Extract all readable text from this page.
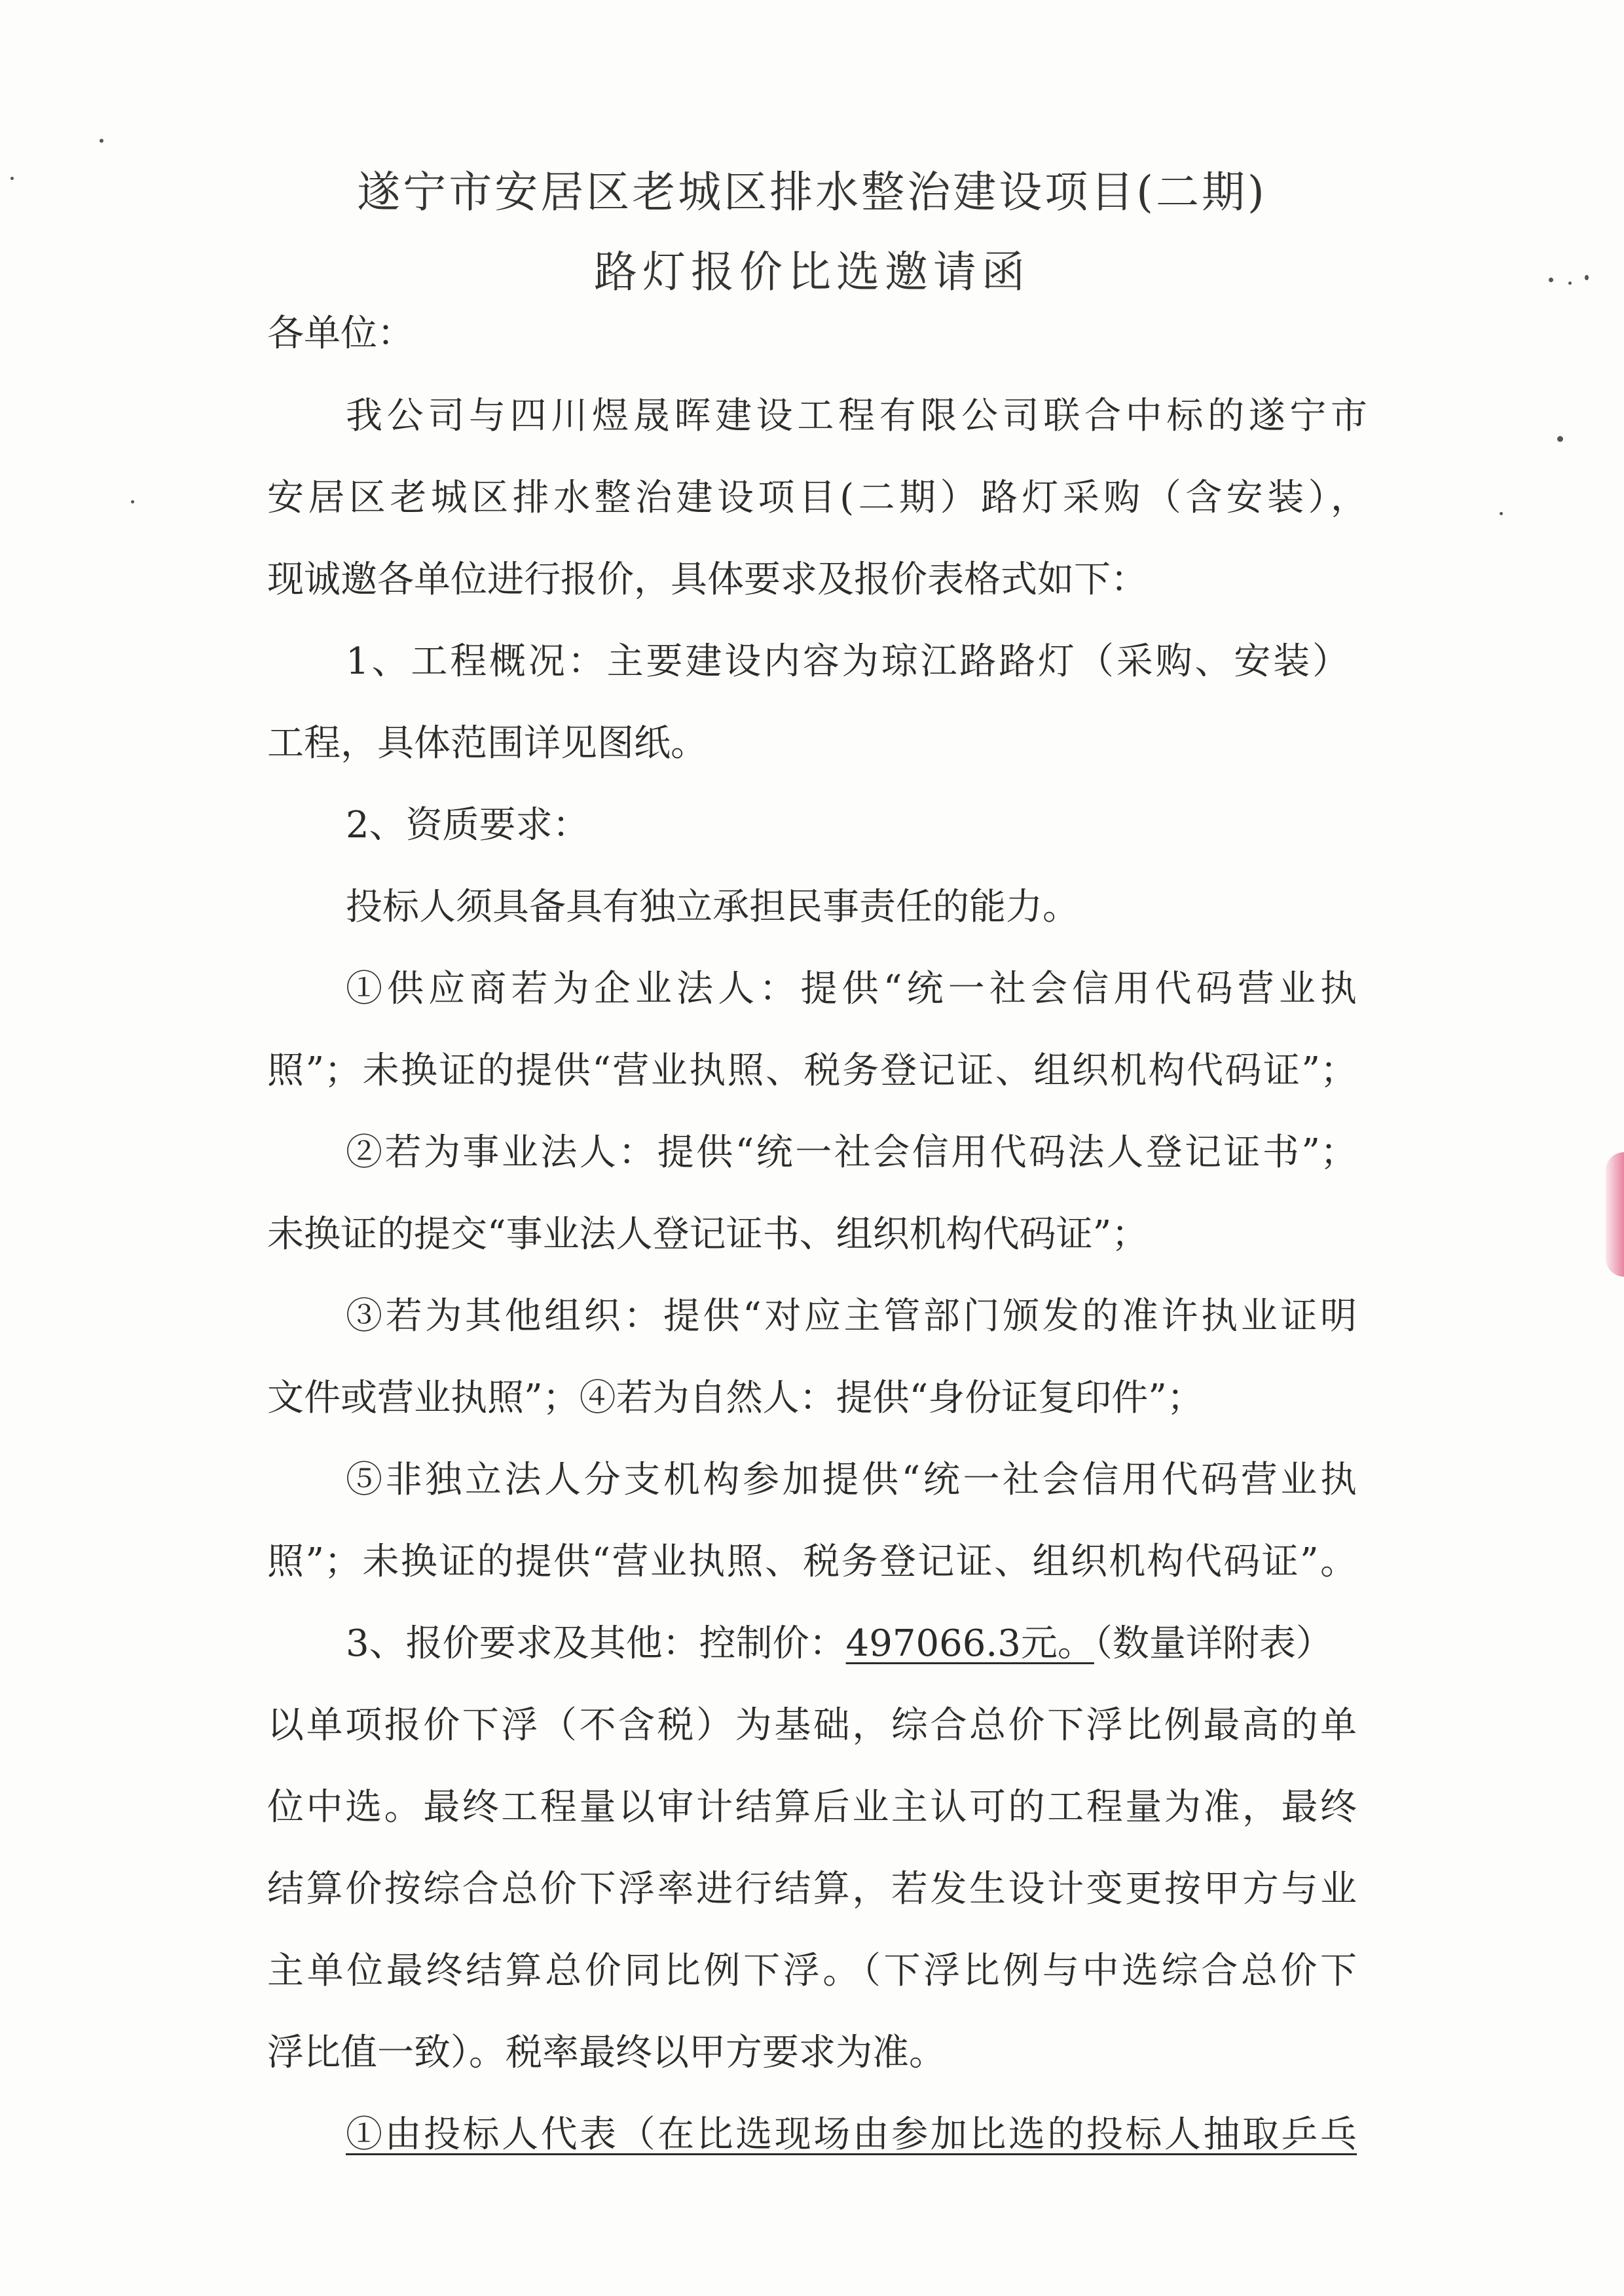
遂宁市安居区老城区排水整治建设项目(二期)
路灯报价比选邀请函
各单位：
我公司与四川煜晟晖建设工程有限公司联合中标的遂宁市
安居区老城区排水整治建设项目(二期）路灯采购（含安装），
现诚邀各单位进行报价，具体要求及报价表格式如下：
1、工程概况：主要建设内容为琼江路路灯（采购、安装）
工程，具体范围详见图纸。
2、资质要求：
投标人须具备具有独立承担民事责任的能力。
①供应商若为企业法人：提供“统一社会信用代码营业执
照”；未换证的提供“营业执照、税务登记证、组织机构代码证”；
②若为事业法人：提供“统一社会信用代码法人登记证书”；
未换证的提交“事业法人登记证书、组织机构代码证”；
③若为其他组织：提供“对应主管部门颁发的准许执业证明
文件或营业执照”；④若为自然人：提供“身份证复印件”；
⑤非独立法人分支机构参加提供“统一社会信用代码营业执
照”；未换证的提供“营业执照、税务登记证、组织机构代码证”。
3、报价要求及其他：控制价：497066.3元。（数量详附表）
以单项报价下浮（不含税）为基础，综合总价下浮比例最高的单
位中选。最终工程量以审计结算后业主认可的工程量为准，最终
结算价按综合总价下浮率进行结算，若发生设计变更按甲方与业
主单位最终结算总价同比例下浮。（下浮比例与中选综合总价下
浮比值一致）。税率最终以甲方要求为准。
①由投标人代表（在比选现场由参加比选的投标人抽取乒乓
